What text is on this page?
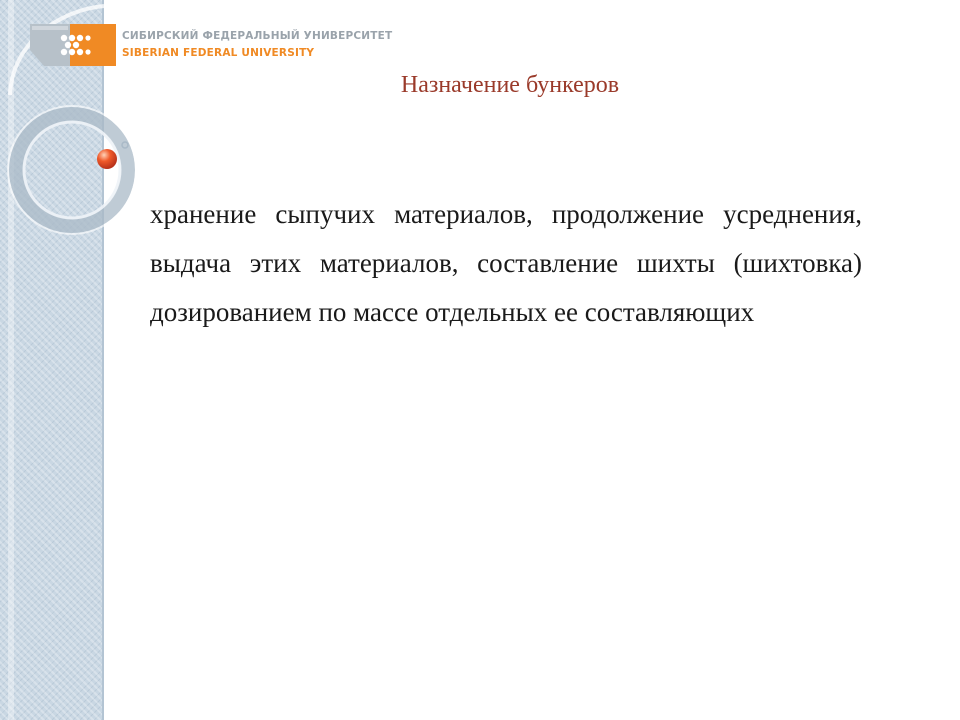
СИБИРСКИЙ ФЕДЕРАЛЬНЫЙ УНИВЕРСИТЕТ
SIBERIAN FEDERAL UNIVERSITY
Назначение бункеров

хранение сыпучих материалов, продолжение усреднения, выдача этих материалов, составление шихты (шихтовка) дозированием по массе отдельных ее составляющих
